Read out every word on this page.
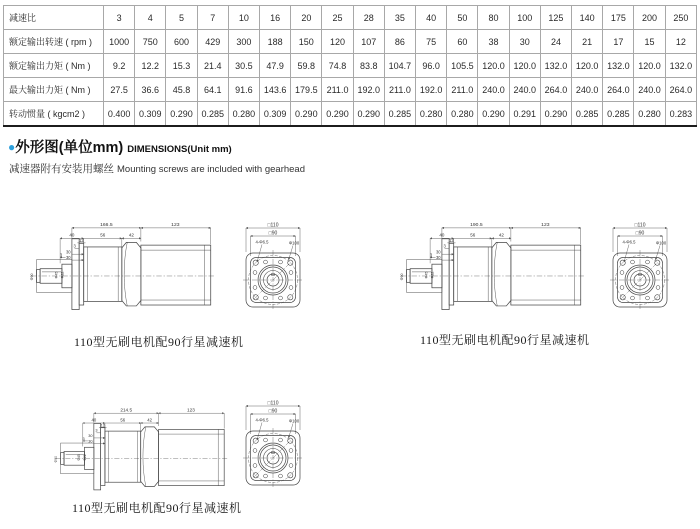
减速比	3	4	5	7	10	16	20	25	28	35	40	50	80	100	125	140	175	200	250
额定输出转速 ( rpm )	1000	750	600	429	300	188	150	120	107	86	75	60	38	30	24	21	17	15	12
额定输出力矩 ( Nm )	9.2	12.2	15.3	21.4	30.5	47.9	59.8	74.8	83.8	104.7	96.0	105.5	120.0	120.0	132.0	120.0	132.0	120.0	132.0
最大输出力矩 ( Nm )	27.5	36.6	45.8	64.1	91.6	143.6	179.5	211.0	192.0	211.0	192.0	211.0	240.0	240.0	264.0	240.0	264.0	240.0	264.0
转动惯量 ( kgcm2 )	0.400	0.309	0.290	0.285	0.280	0.309	0.290	0.290	0.290	0.285	0.280	0.280	0.290	0.291	0.290	0.285	0.285	0.280	0.283
●外形图(单位mm) DIMENSIONS(Unit mm)
减速器附有安装用螺丝 Mounting screws are included with gearhead
166.5	123
40	56	42
12
3
30
30
3
Φ90	Φ45 Φ22
□110
□90
4-Φ6.5	Φ100
110型无刷电机配90行星减速机
190.5	123
40	56	42
12
3
30
30
3
Φ90	Φ45 Φ22
□110
□90
4-Φ6.5	Φ100
110型无刷电机配90行星减速机
214.5	123
40	56	42
12
3
30
30
3
Φ90	Φ45 Φ22
□110
□90
4-Φ6.5	Φ100
110型无刷电机配90行星减速机
